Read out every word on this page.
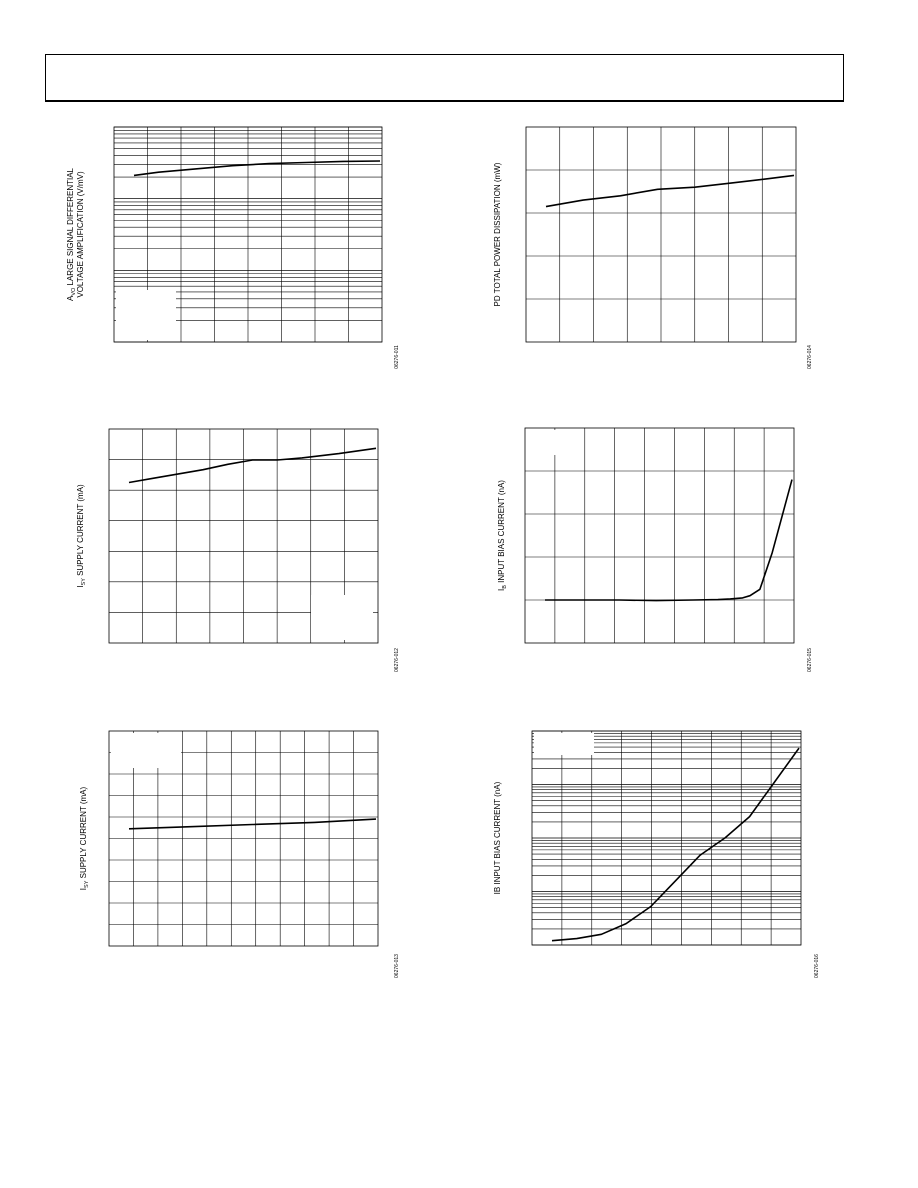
$A_{VO}$ LARGE SIGNAL DIFFERENTIAL VOLTAGE AMPLIFICATION (V/mV)
06276-011
PD TOTAL POWER DISSIPATION (mW)
06276-014
$I_{SY}$ SUPPLY CURRENT (mA)
06276-012
$I_B$ INPUT BIAS CURRENT (nA)
06276-015
$I_{SY}$ SUPPLY CURRENT (mA)
06276-013
IB INPUT BIAS CURRENT (nA)
06276-016
